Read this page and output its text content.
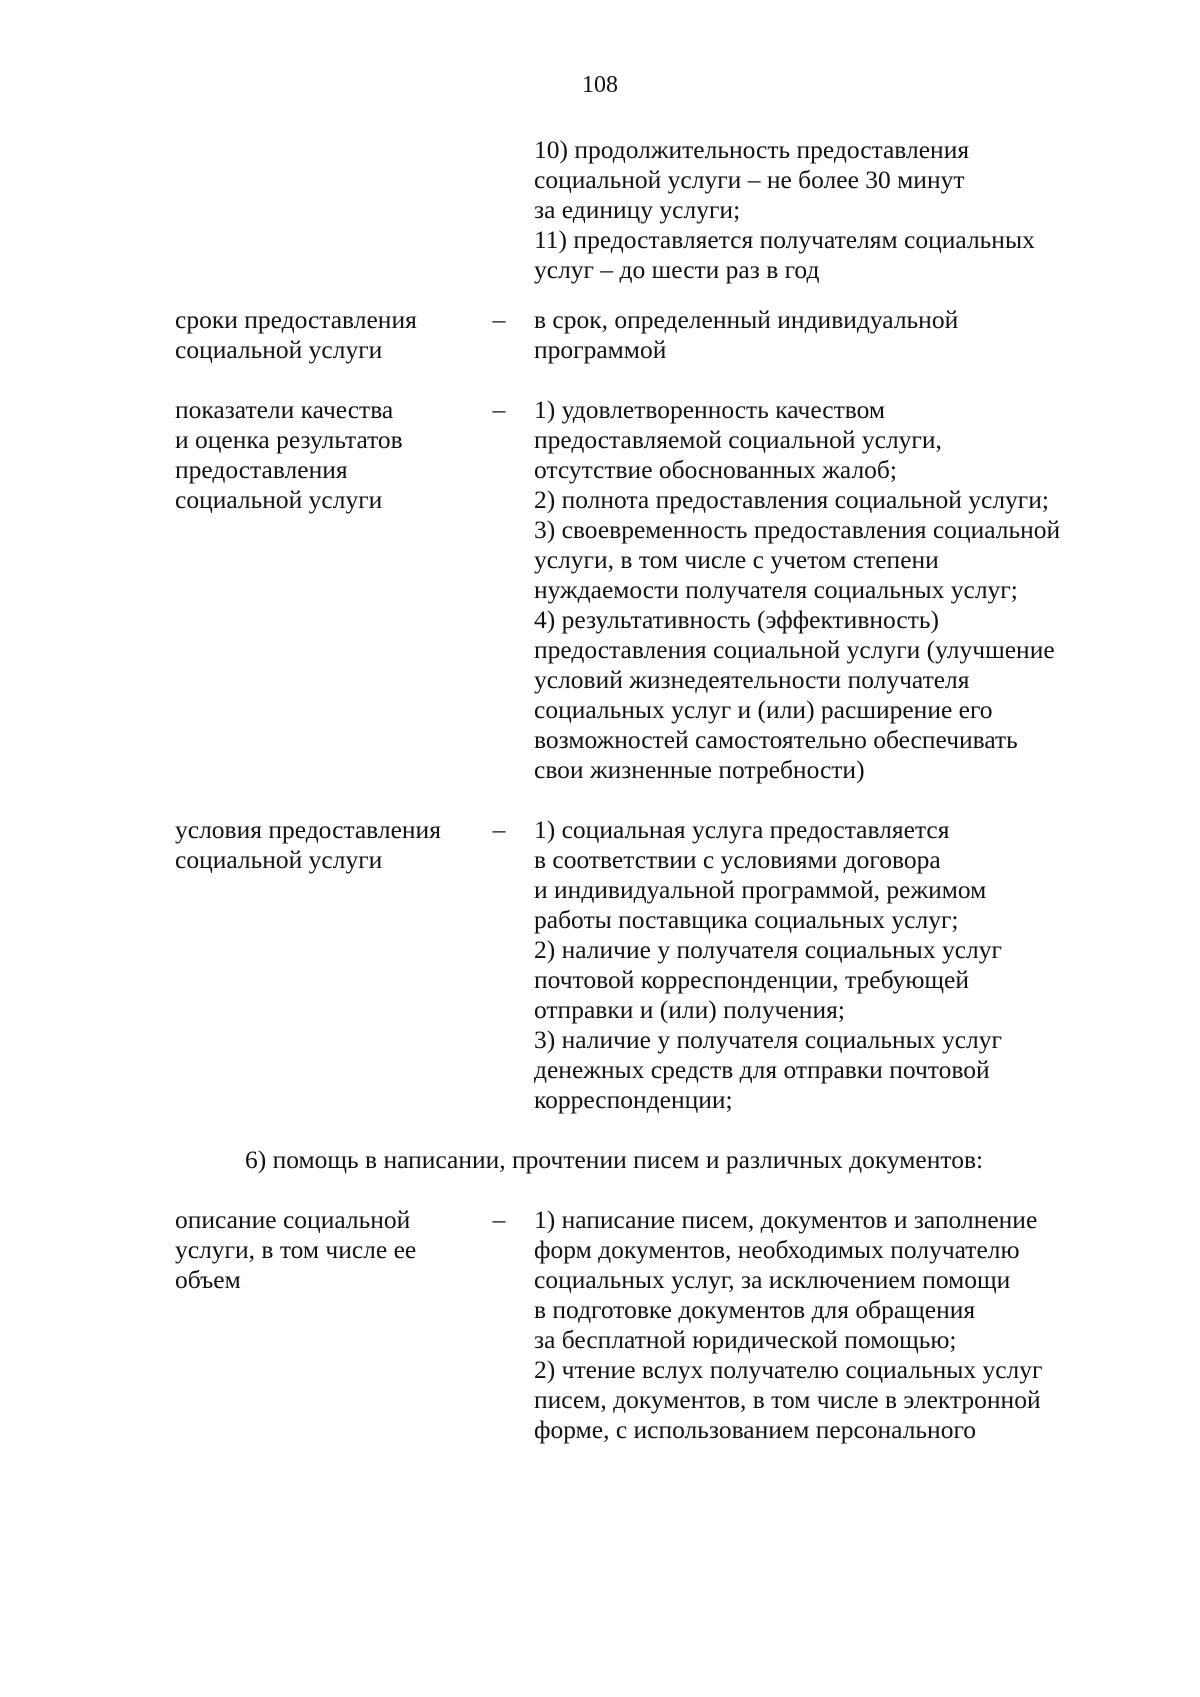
108
10) продолжительность предоставления
социальной услуги – не более 30 минут
за единицу услуги;
11) предоставляется получателям социальных
услуг – до шести раз в год
сроки предоставления
социальной услуги
– в срок, определенный индивидуальной
программой
показатели качества
и оценка результатов
предоставления
социальной услуги
– 1) удовлетворенность качеством
предоставляемой социальной услуги,
отсутствие обоснованных жалоб;
2) полнота предоставления социальной услуги;
3) своевременность предоставления социальной
услуги, в том числе с учетом степени
нуждаемости получателя социальных услуг;
4) результативность (эффективность)
предоставления социальной услуги (улучшение
условий жизнедеятельности получателя
социальных услуг и (или) расширение его
возможностей самостоятельно обеспечивать
свои жизненные потребности)
условия предоставления
социальной услуги
– 1) социальная услуга предоставляется
в соответствии с условиями договора
и индивидуальной программой, режимом
работы поставщика социальных услуг;
2) наличие у получателя социальных услуг
почтовой корреспонденции, требующей
отправки и (или) получения;
3) наличие у получателя социальных услуг
денежных средств для отправки почтовой
корреспонденции;
6) помощь в написании, прочтении писем и различных документов:
описание социальной
услуги, в том числе ее
объем
– 1) написание писем, документов и заполнение
форм документов, необходимых получателю
социальных услуг, за исключением помощи
в подготовке документов для обращения
за бесплатной юридической помощью;
2) чтение вслух получателю социальных услуг
писем, документов, в том числе в электронной
форме, с использованием персонального
